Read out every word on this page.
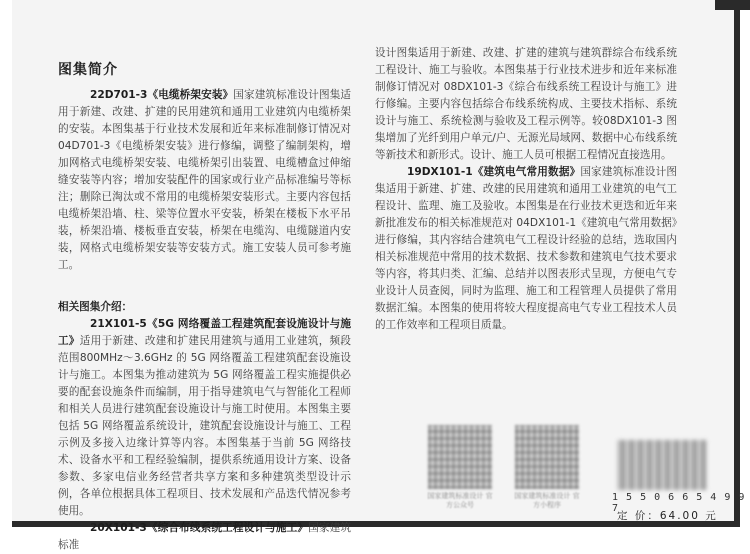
图集简介

22D701-3《电缆桥架安装》国家建筑标准设计图集适用于新建、改建、扩建的民用建筑和通用工业建筑内电缆桥架的安装。本图集基于行业技术发展和近年来标准制修订情况对04D701-3《电缆桥架安装》进行修编，调整了编制架构，增加网格式电缆桥架安装、电缆桥架引出装置、电缆槽盒过伸缩缝安装等内容；增加安装配件的国家或行业产品标准编号等标注；删除已淘汰或不常用的电缆桥架安装形式。主要内容包括电缆桥架沿墙、柱、梁等位置水平安装，桥架在楼板下水平吊装，桥架沿墙、楼板垂直安装，桥架在电缆沟、电缆隧道内安装，网格式电缆桥架安装等安装方式。施工安装人员可参考施工。

相关图集介绍：

21X101-5《5G 网络覆盖工程建筑配套设施设计与施工》适用于新建、改建和扩建民用建筑与通用工业建筑，频段范围800MHz～3.6GHz 的 5G 网络覆盖工程建筑配套设施设计与施工。本图集为推动建筑为 5G 网络覆盖工程实施提供必要的配套设施条件而编制，用于指导建筑电气与智能化工程师和相关人员进行建筑配套设施设计与施工时使用。本图集主要包括 5G 网络覆盖系统设计，建筑配套设施设计与施工、工程示例及多接入边缘计算等内容。本图集基于当前 5G 网络技术、设备水平和工程经验编制，提供系统通用设计方案、设备参数、多家电信业务经营者共享方案和多种建筑类型设计示例，各单位根据具体工程项目、技术发展和产品迭代情况参考使用。

20X101-3《综合布线系统工程设计与施工》国家建筑标准

设计图集适用于新建、改建、扩建的建筑与建筑群综合布线系统工程设计、施工与验收。本图集基于行业技术进步和近年来标准制修订情况对 08DX101-3《综合布线系统工程设计与施工》进行修编。主要内容包括综合布线系统构成、主要技术指标、系统设计与施工、系统检测与验收及工程示例等。较08DX101-3 图集增加了光纤到用户单元/户、无源光局域网、数据中心布线系统等新技术和新形式。设计、施工人员可根据工程情况直接选用。

19DX101-1《建筑电气常用数据》国家建筑标准设计图集适用于新建、扩建、改建的民用建筑和通用工业建筑的电气工程设计、监理、施工及验收。本图集是在行业技术更迭和近年来新批准发布的相关标准规范对 04DX101-1《建筑电气常用数据》进行修编，其内容结合建筑电气工程设计经验的总结，选取国内相关标准规范中常用的技术数据、技术参数和建筑电气技术要求等内容，将其归类、汇编、总结并以图表形式呈现，方便电气专业设计人员查阅，同时为监理、施工和工程管理人员提供了常用数据汇编。本图集的使用将较大程度提高电气专业工程技术人员的工作效率和工程项目质量。

国家建筑标准设计 官方公众号
国家建筑标准设计 官方小程序
1 5 5 0 6 6 5 4 9 9 7
定 价：64.00 元
